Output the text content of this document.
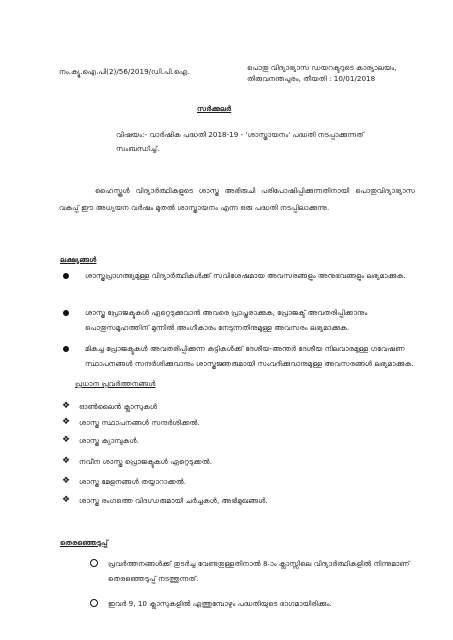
നം.ക്യൂ.ഐ.പി(2)/56/2019/ഡി.പി.ഐ.	പൊതു വിദ്യാഭ്യാസ ഡയറക്ടറുടെ കാര്യാലയം,
തിരുവനന്തപുരം, തീയതി : 10/01/2018

സർക്കുലർ

വിഷയം:- വാർഷിക പദ്ധതി 2018-19 - 'ശാസ്ത്രായനം' പദ്ധതി നടപ്പാക്കുന്നത് സംബന്ധിച്ച്.

ഹൈസ്കൂൾ വിദ്യാർത്ഥികളുടെ ശാസ്ത്ര അഭിരുചി പരിപോഷിപ്പിക്കുന്നതിനായി പൊതുവിദ്യാഭ്യാസ വകുപ്പ് ഈ അധ്യയന വർഷം മുതൽ ശാസ്ത്രായനം എന്ന ഒരു പദ്ധതി നടപ്പിലാക്കുന്നു.

ലക്ഷ്യങ്ങൾ

ശാസ്ത്രപ്രാഗത്ഭ്യമുള്ള വിദ്യാർത്ഥികൾക്ക് സവിശേഷമായ അവസരങ്ങളും അനുഭവങ്ങളും ലഭ്യമാക്കുക.
ശാസ്ത്ര പ്രോജക്ടുകൾ ഏറ്റെടുക്കുവാൻ അവരെ പ്രാപ്തരാക്കുക, പ്രോജക്ട് അവതരിപ്പിക്കാനും പൊതുസമൂഹത്തിന് മുന്നിൽ അംഗീകാരം നേടുന്നതിനുമുള്ള അവസരം ലഭ്യമാക്കുക.
മികച്ച പ്രോജക്ടുകൾ അവതരിപ്പിക്കുന്ന കുട്ടികൾക്ക് ദേശീയ-അന്തർ ദേശീയ നിലവാരമുള്ള ഗവേഷണ സ്ഥാപനങ്ങൾ സന്ദർശിക്കുവാനും ശാസ്ത്രജ്ഞരുമായി സംവദിക്കുവാനുമുള്ള അവസരങ്ങൾ ലഭ്യമാക്കുക.

പ്രധാന പ്രവർത്തനങ്ങൾ

❖	ഓൺലൈൻ ക്ലാസുകൾ
❖	ശാസ്ത്ര സ്ഥാപനങ്ങൾ സന്ദർശിക്കൽ.
❖	ശാസ്ത്ര ക്യാമ്പുകൾ.
❖	നവീന ശാസ്ത്ര പ്രൊജക്ടുകൾ ഏറ്റെടുക്കൽ.
❖	ശാസ്ത്ര മേളനങ്ങൾ തയ്യാറാക്കൽ.
❖	ശാസ്ത്ര രംഗത്തെ വിദഗ്ധരുമായി ചർച്ചകൾ, അഭിമുഖങ്ങൾ.

തെരഞ്ഞെടുപ്പ്

പ്രവർത്തനങ്ങൾക്ക് തുടർച്ച വേണ്ടതുള്ളതിനാൽ 8-ാം ക്ലാസ്സിലെ വിദ്യാർത്ഥികളിൽ നിന്നുമാണ് തെരഞ്ഞെടുപ്പ് നടത്തുന്നത്.
ഇവർ 9, 10 ക്ലാസുകളിൽ എത്തുമ്പോഴും പദ്ധതിയുടെ ഭാഗമായിരിക്കും.
